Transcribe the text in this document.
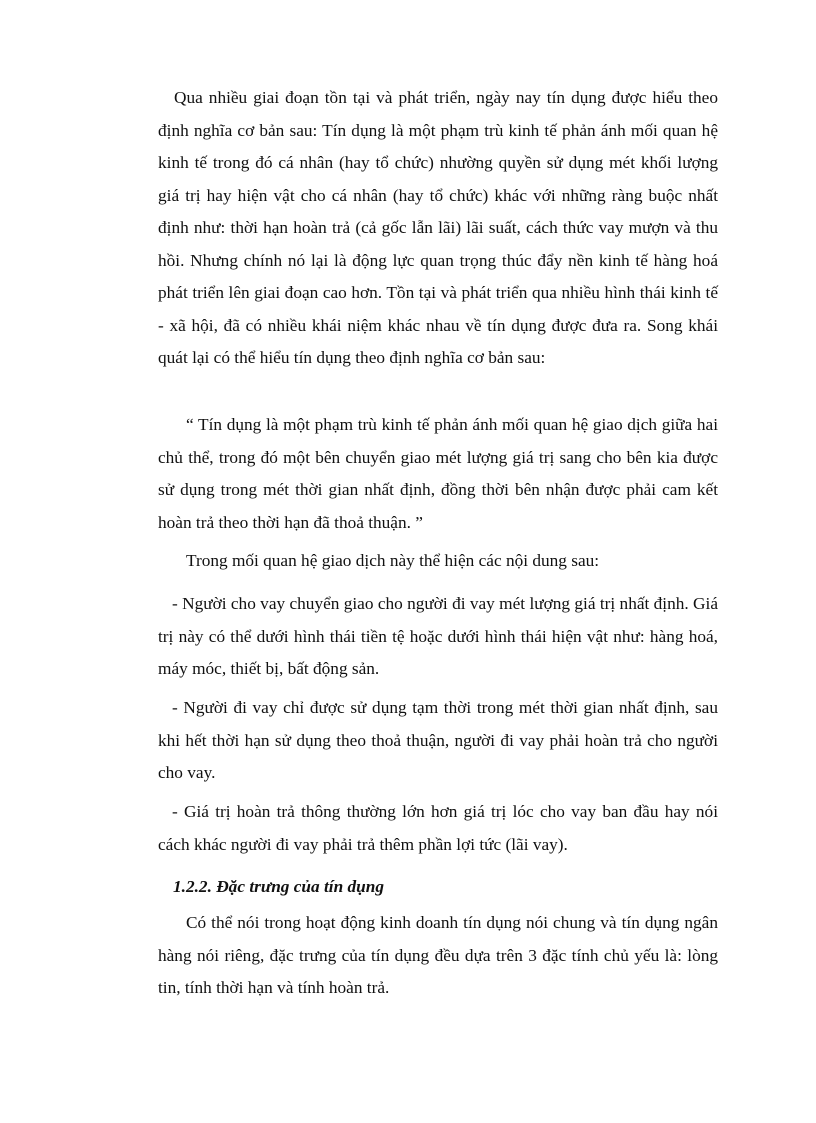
Qua nhiều giai đoạn tồn tại và phát triển, ngày nay tín dụng được hiểu theo định nghĩa cơ bản sau: Tín dụng là một phạm trù kinh tế phản ánh mối quan hệ kinh tế trong đó cá nhân (hay tổ chức) nhường quyền sử dụng mét khối lượng giá trị hay hiện vật cho cá nhân (hay tổ chức) khác với những ràng buộc nhất định như: thời hạn hoàn trả (cả gốc lẫn lãi) lãi suất, cách thức vay mượn và thu hồi. Nhưng chính nó lại là động lực quan trọng thúc đẩy nền kinh tế hàng hoá phát triển lên giai đoạn cao hơn. Tồn tại và phát triển qua nhiều hình thái kinh tế - xã hội, đã có nhiều khái niệm khác nhau về tín dụng được đưa ra. Song khái quát lại có thể hiểu tín dụng theo định nghĩa cơ bản sau:

“ Tín dụng là một phạm trù kinh tế phản ánh mối quan hệ giao dịch giữa hai chủ thể, trong đó một bên chuyển giao mét lượng giá trị sang cho bên kia được sử dụng trong mét thời gian nhất định, đồng thời bên nhận được phải cam kết hoàn trả theo thời hạn đã thoả thuận. ”

Trong mối quan hệ giao dịch này thể hiện các nội dung sau:

- Người cho vay chuyển giao cho người đi vay mét lượng giá trị nhất định. Giá trị này có thể dưới hình thái tiền tệ hoặc dưới hình thái hiện vật như: hàng hoá, máy móc, thiết bị, bất động sản.

- Người đi vay chỉ được sử dụng tạm thời trong mét thời gian nhất định, sau khi hết thời hạn sử dụng theo thoả thuận, người đi vay phải hoàn trả cho người cho vay.

- Giá trị hoàn trả thông thường lớn hơn giá trị lóc cho vay ban đầu hay nói cách khác người đi vay phải trả thêm phần lợi tức (lãi vay).

1.2.2. Đặc trưng của tín dụng

Có thể nói trong hoạt động kinh doanh tín dụng nói chung và tín dụng ngân hàng nói riêng, đặc trưng của tín dụng đều dựa trên 3 đặc tính chủ yếu là: lòng tin, tính thời hạn và tính hoàn trả.
